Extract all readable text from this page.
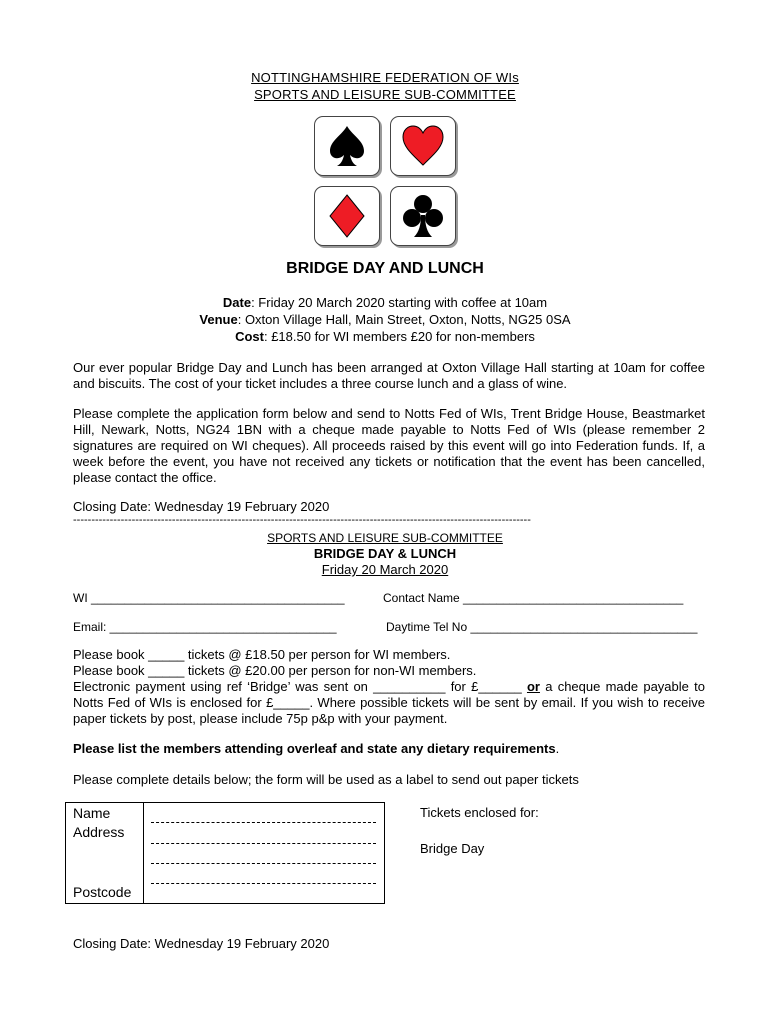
NOTTINGHAMSHIRE FEDERATION OF WIs
SPORTS AND LEISURE SUB-COMMITTEE
BRIDGE DAY AND LUNCH
Date: Friday 20 March 2020 starting with coffee at 10am
Venue: Oxton Village Hall, Main Street, Oxton, Notts, NG25 0SA
Cost: £18.50 for WI members £20 for non-members
Our ever popular Bridge Day and Lunch has been arranged at Oxton Village Hall starting at 10am for coffee and biscuits. The cost of your ticket includes a three course lunch and a glass of wine.
Please complete the application form below and send to Notts Fed of WIs, Trent Bridge House, Beastmarket Hill, Newark, Notts, NG24 1BN with a cheque made payable to Notts Fed of WIs (please remember 2 signatures are required on WI cheques). All proceeds raised by this event will go into Federation funds. If, a week before the event, you have not received any tickets or notification that the event has been cancelled, please contact the office.
Closing Date: Wednesday 19 February 2020
-----------------------------------------------------------------------------------------------------------------------------
SPORTS AND LEISURE SUB-COMMITTEE
BRIDGE DAY & LUNCH
Friday 20 March 2020
WI ______________________________________	Contact Name _________________________________
Email: __________________________________	Daytime Tel No __________________________________
Please book _____ tickets @ £18.50 per person for WI members.
Please book _____ tickets @ £20.00 per person for non-WI members.
Electronic payment using ref ‘Bridge’ was sent on __________ for £______ or a cheque made payable to Notts Fed of WIs is enclosed for £_____. Where possible tickets will be sent by email. If you wish to receive paper tickets by post, please include 75p p&p with your payment.
Please list the members attending overleaf and state any dietary requirements.
Please complete details below; the form will be used as a label to send out paper tickets
Name
Address
Postcode
Tickets enclosed for:
Bridge Day
Closing Date: Wednesday 19 February 2020
